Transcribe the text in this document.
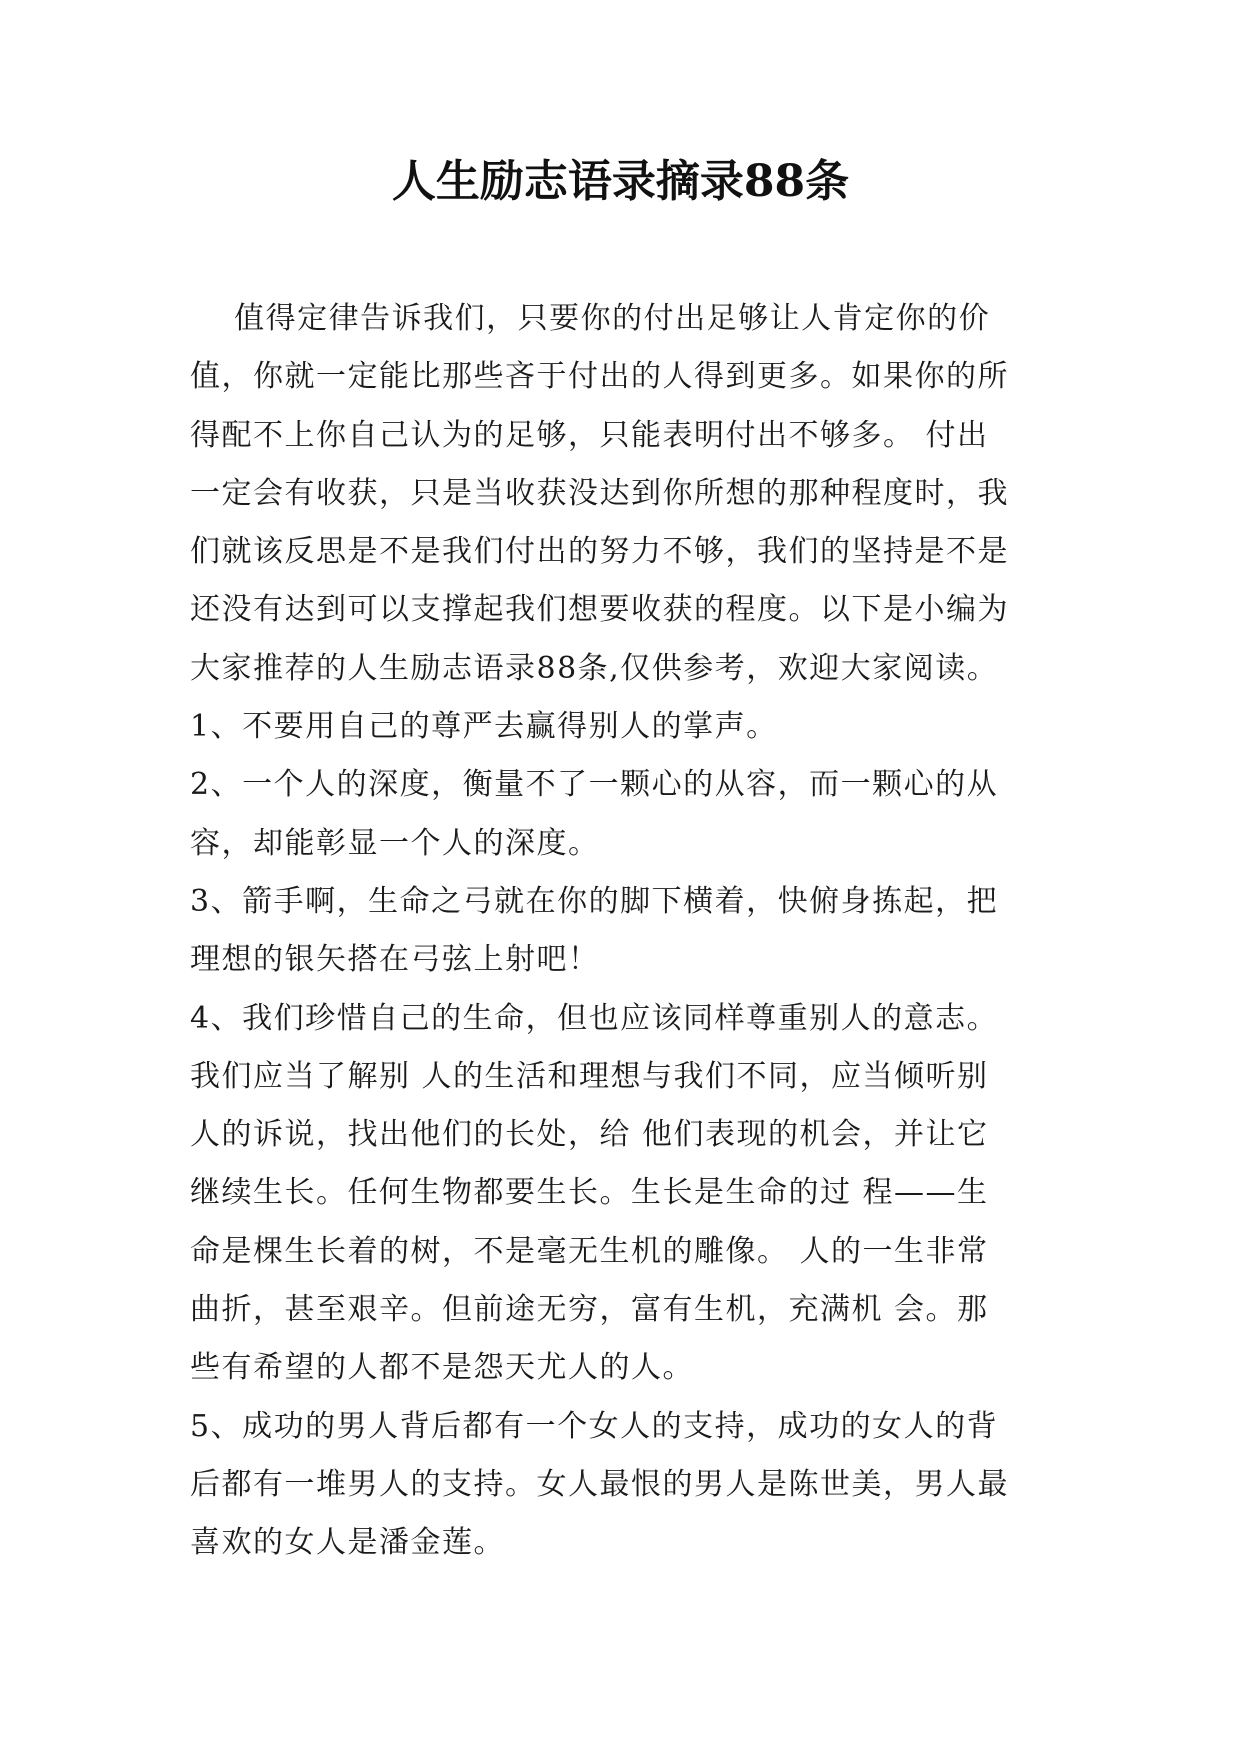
人生励志语录摘录88条
值得定律告诉我们，只要你的付出足够让人肯定你的价
值，你就一定能比那些吝于付出的人得到更多。如果你的所
得配不上你自己认为的足够，只能表明付出不够多。 付出
一定会有收获，只是当收获没达到你所想的那种程度时，我
们就该反思是不是我们付出的努力不够，我们的坚持是不是
还没有达到可以支撑起我们想要收获的程度。以下是小编为
大家推荐的人生励志语录88条,仅供参考，欢迎大家阅读。
1、不要用自己的尊严去赢得别人的掌声。
2、一个人的深度，衡量不了一颗心的从容，而一颗心的从
容，却能彰显一个人的深度。
3、箭手啊，生命之弓就在你的脚下横着，快俯身拣起，把
理想的银矢搭在弓弦上射吧！
4、我们珍惜自己的生命，但也应该同样尊重别人的意志。
我们应当了解别 人的生活和理想与我们不同，应当倾听别
人的诉说，找出他们的长处，给 他们表现的机会，并让它
继续生长。任何生物都要生长。生长是生命的过 程——生
命是棵生长着的树，不是毫无生机的雕像。 人的一生非常
曲折，甚至艰辛。但前途无穷，富有生机，充满机 会。那
些有希望的人都不是怨天尤人的人。
5、成功的男人背后都有一个女人的支持，成功的女人的背
后都有一堆男人的支持。女人最恨的男人是陈世美，男人最
喜欢的女人是潘金莲。
